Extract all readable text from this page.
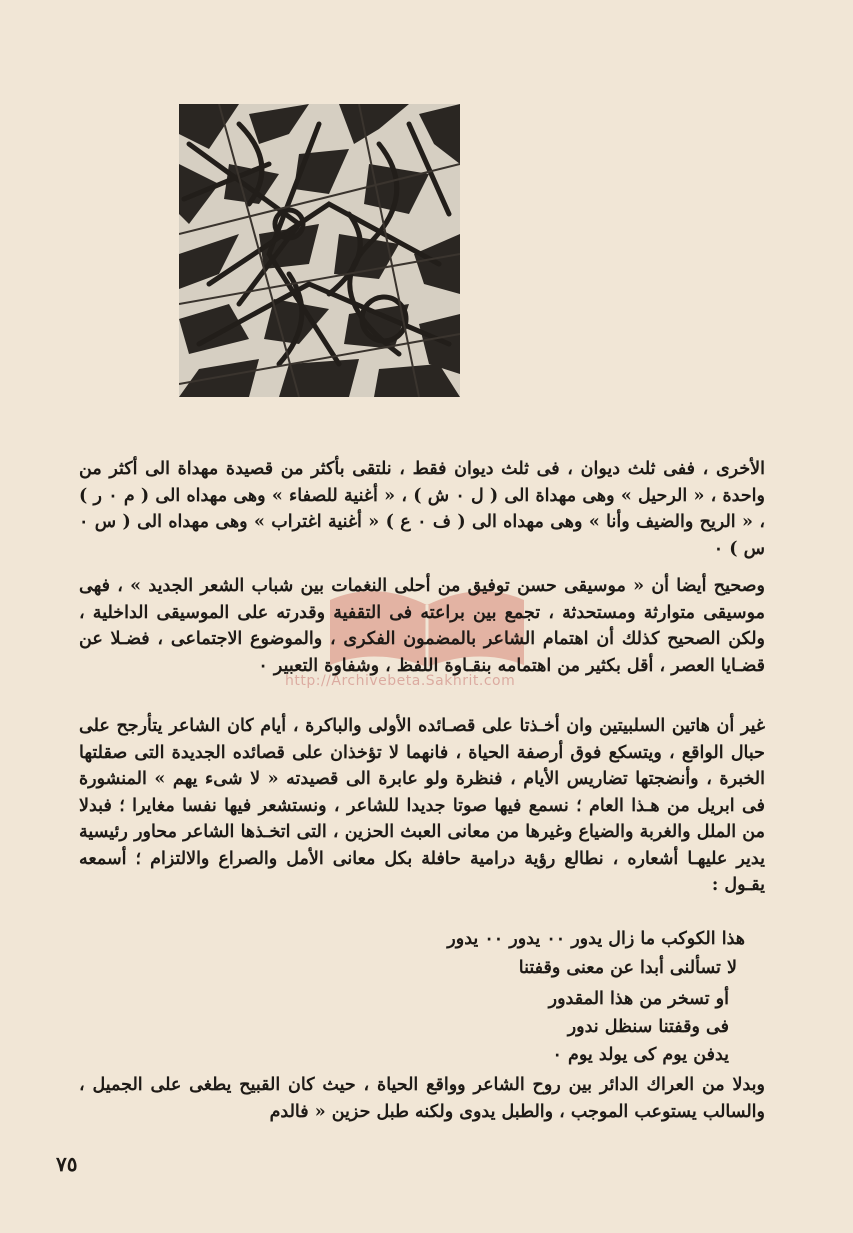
http://Archivebeta.Sakhrit.com

الأخرى ، ففى ثلث ديوان ، فى ثلث ديوان فقط ، نلتقى بأكثر من قصيدة مهداة الى أكثر من واحدة ، « الرحيل » وهى مهداة الى ( ل ٠ ش ) ، « أغنية للصفاء » وهى مهداه الى ( م ٠ ر ) ، « الريح والضيف وأنا » وهى مهداه الى ( ف ٠ ع ) « أغنية اغتراب » وهى مهداه الى ( س ٠ س ) ٠

وصحيح أيضا أن « موسيقى حسن توفيق من أحلى النغمات بين شباب الشعر الجديد » ، فهى موسيقى متوارثة ومستحدثة ، تجمع بين براعته فى التقفية وقدرته على الموسيقى الداخلية ، ولكن الصحيح كذلك أن اهتمام الشاعر بالمضمون الفكرى ، والموضوع الاجتماعى ، فضـلا عن قضـايا العصر ، أقل بكثير من اهتمامه بنقـاوة اللفظ ، وشفاوة التعبير ٠

غير أن هاتين السلبيتين وان أخـذتا على قصـائده الأولى والباكرة ، أيام كان الشاعر يتأرجح على حبال الواقع ، ويتسكع فوق أرصفة الحياة ، فانهما لا تؤخذان على قصائده الجديدة التى صقلتها الخبرة ، وأنضجتها تضاريس الأيام ، فنظرة ولو عابرة الى قصيدته « لا شىء يهم » المنشورة فى ابريل من هـذا العام ؛ نسمع فيها صوتا جديدا للشاعر ، ونستشعر فيها نفسا مغايرا ؛ فبدلا من الملل والغربة والضياع وغيرها من معانى العبث الحزين ، التى اتخـذها الشاعر محاور رئيسية يدير عليهـا أشعاره ، نطالع رؤية درامية حافلة بكل معانى الأمل والصراع والالتزام ؛ أسمعه يقـول :

هذا الكوكب ما زال يدور ٠٠ يدور ٠٠ يدور
لا تسألنى أبدا عن معنى وقفتنا
أو تسخر من هذا المقدور
فى وقفتنا سنظل ندور
يدفن يوم كى يولد يوم ٠

وبدلا من العراك الدائر بين روح الشاعر وواقع الحياة ، حيث كان القبيح يطغى على الجميل ، والسالب يستوعب الموجب ، والطبل يدوى ولكنه طبل حزين « فالدم

٧٥
